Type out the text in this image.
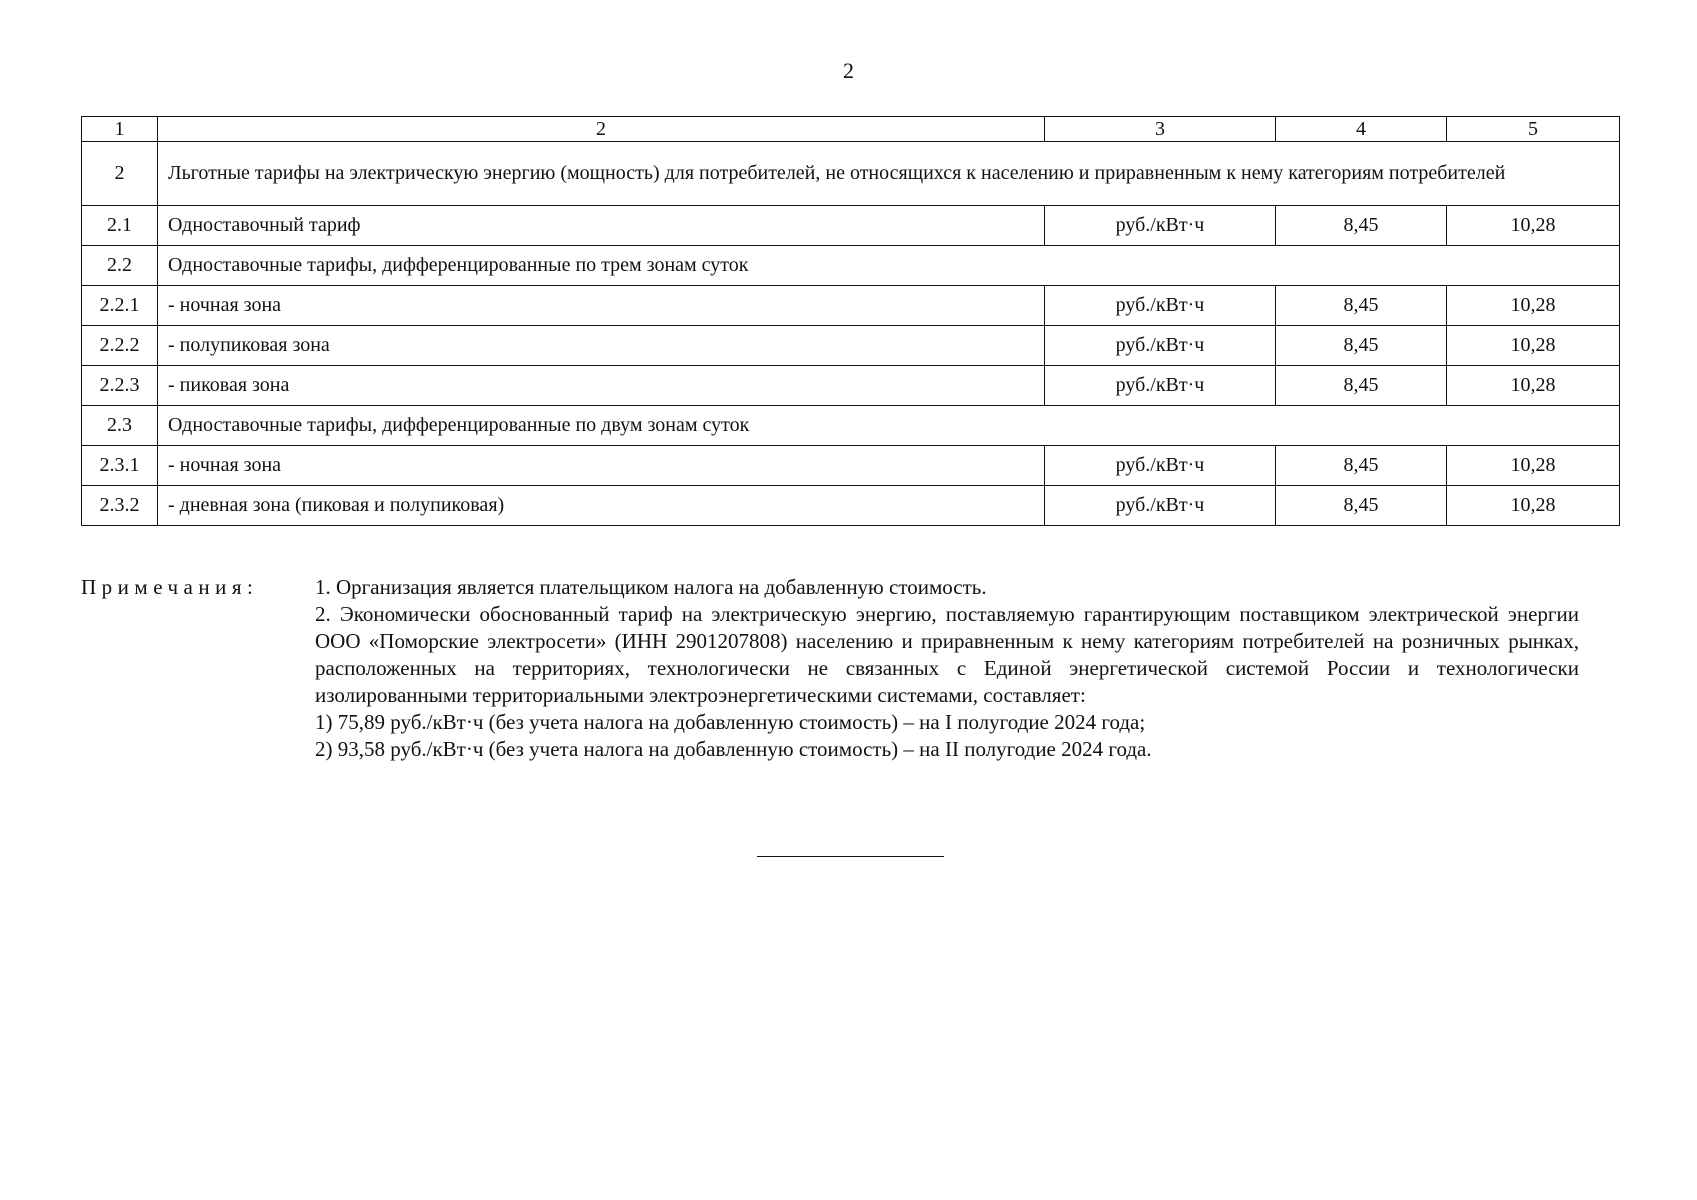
2
1	2	3	4	5
2	Льготные тарифы на электрическую энергию (мощность) для потребителей, не относящихся к населению и приравненным к нему категориям потребителей			
2.1	Одноставочный тариф	руб./кВт·ч	8,45	10,28
2.2	Одноставочные тарифы, дифференцированные по трем зонам суток			
2.2.1	- ночная зона	руб./кВт·ч	8,45	10,28
2.2.2	- полупиковая зона	руб./кВт·ч	8,45	10,28
2.2.3	- пиковая зона	руб./кВт·ч	8,45	10,28
2.3	Одноставочные тарифы, дифференцированные по двум зонам суток			
2.3.1	- ночная зона	руб./кВт·ч	8,45	10,28
2.3.2	- дневная зона (пиковая и полупиковая)	руб./кВт·ч	8,45	10,28
Примечания:	1. Организация является плательщиком налога на добавленную стоимость.
2. Экономически обоснованный тариф на электрическую энергию, поставляемую гарантирующим поставщиком электрической энергии ООО «Поморские электросети» (ИНН 2901207808) населению и приравненным к нему категориям потребителей на розничных рынках, расположенных на территориях, технологически не связанных с Единой энергетической системой России и технологически изолированными территориальными электроэнергетическими системами, составляет:
1) 75,89 руб./кВт·ч (без учета налога на добавленную стоимость) – на I полугодие 2024 года;
2) 93,58 руб./кВт·ч (без учета налога на добавленную стоимость) – на II полугодие 2024 года.
